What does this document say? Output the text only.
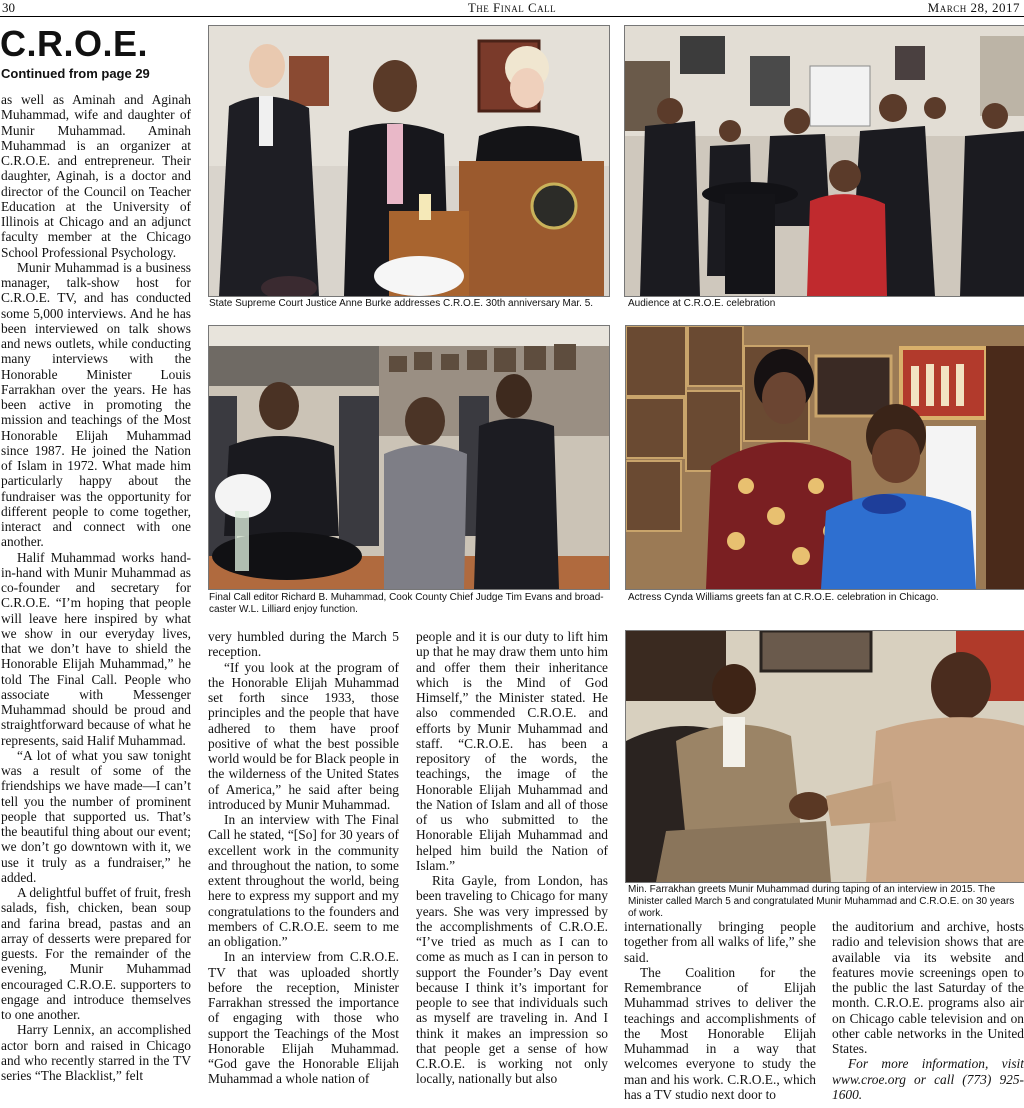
30	The Final Call	March 28, 2017
C.R.O.E.
Continued from page 29
State Supreme Court Justice Anne Burke addresses C.R.O.E. 30th anniversary Mar. 5.	Audience at C.R.O.E. celebration
Final Call editor Richard B. Muhammad, Cook County Chief Judge Tim Evans and broad-caster W.L. Lilliard enjoy function.
Actress Cynda Williams greets fan at C.R.O.E. celebration in Chicago.
Min. Farrakhan greets Munir Muhammad during taping of an interview in 2015. The Minister called March 5 and congratulated Munir Muhammad and C.R.O.E. on 30 years of work.

as well as Aminah and Aginah Muhammad, wife and daughter of Munir Muhammad. Aminah Muhammad is an organizer at C.R.O.E. and entrepreneur. Their daughter, Aginah, is a doctor and director of the Council on Teacher Education at the University of Illinois at Chicago and an adjunct faculty member at the Chicago School Professional Psychology.

Munir Muhammad is a business manager, talk-show host for C.R.O.E. TV, and has conducted some 5,000 interviews. And he has been interviewed on talk shows and news outlets, while conducting many interviews with the Honorable Minister Louis Farrakhan over the years. He has been active in promoting the mission and teachings of the Most Honorable Elijah Muhammad since 1987. He joined the Nation of Islam in 1972. What made him particularly happy about the fundraiser was the opportunity for different people to come together, interact and connect with one another.

Halif Muhammad works hand-in-hand with Munir Muhammad as co-founder and secretary for C.R.O.E. “I’m hoping that people will leave here inspired by what we show in our everyday lives, that we don’t have to shield the Honorable Elijah Muhammad,” he told The Final Call. People who associate with Messenger Muhammad should be proud and straightforward because of what he represents, said Halif Muhammad.

“A lot of what you saw tonight was a result of some of the friendships we have made—I can’t tell you the number of prominent people that supported us. That’s the beautiful thing about our event; we don’t go downtown with it, we use it truly as a fundraiser,” he added.

A delightful buffet of fruit, fresh salads, fish, chicken, bean soup and farina bread, pastas and an array of desserts were prepared for guests. For the remainder of the evening, Munir Muhammad encouraged C.R.O.E. supporters to engage and introduce themselves to one another.

Harry Lennix, an accomplished actor born and raised in Chicago and who recently starred in the TV series “The Blacklist,” felt

very humbled during the March 5 reception.

“If you look at the program of the Honorable Elijah Muhammad set forth since 1933, those principles and the people that have adhered to them have proof positive of what the best possible world would be for Black people in the wilderness of the United States of America,” he said after being introduced by Munir Muhammad.

In an interview with The Final Call he stated, “[So] for 30 years of excellent work in the community and throughout the nation, to some extent throughout the world, being here to express my support and my congratulations to the founders and members of C.R.O.E. seem to me an obligation.”

In an interview from C.R.O.E. TV that was uploaded shortly before the reception, Minister Farrakhan stressed the importance of engaging with those who support the Teachings of the Most Honorable Elijah Muhammad. “God gave the Honorable Elijah Muhammad a whole nation of

people and it is our duty to lift him up that he may draw them unto him and offer them their inheritance which is the Mind of God Himself,” the Minister stated. He also commended C.R.O.E. and efforts by Munir Muhammad and staff. “C.R.O.E. has been a repository of the words, the teachings, the image of the Honorable Elijah Muhammad and the Nation of Islam and all of those of us who submitted to the Honorable Elijah Muhammad and helped him build the Nation of Islam.”

Rita Gayle, from London, has been traveling to Chicago for many years. She was very impressed by the accomplishments of C.R.O.E. “I’ve tried as much as I can to come as much as I can in person to support the Founder’s Day event because I think it’s important for people to see that individuals such as myself are traveling in. And I think it makes an impression so that people get a sense of how C.R.O.E. is working not only locally, nationally but also

internationally bringing people together from all walks of life,” she said.

The Coalition for the Remembrance of Elijah Muhammad strives to deliver the teachings and accomplishments of the Most Honorable Elijah Muhammad in a way that welcomes everyone to study the man and his work. C.R.O.E., which has a TV studio next door to

the auditorium and archive, hosts radio and television shows that are available via its website and features movie screenings open to the public the last Saturday of the month. C.R.O.E. programs also air on Chicago cable television and on other cable networks in the United States.

For more information, visit www.croe.org or call (773) 925-1600.
